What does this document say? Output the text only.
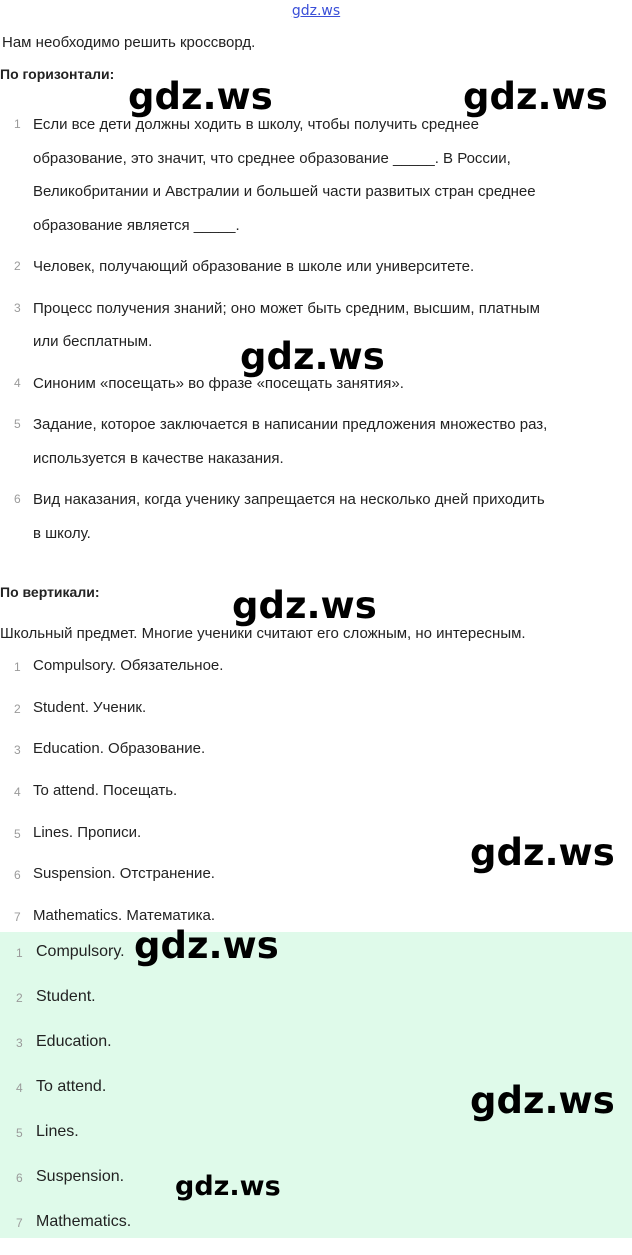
gdz.ws
Нам необходимо решить кроссворд.
По горизонтали:
1 Если все дети должны ходить в школу, чтобы получить среднее
образование, это значит, что среднее образование _____. В России,
Великобритании и Австралии и большей части развитых стран среднее
образование является _____.
2 Человек, получающий образование в школе или университете.
3 Процесс получения знаний; оно может быть средним, высшим, платным
или бесплатным.
4 Синоним «посещать» во фразе «посещать занятия».
5 Задание, которое заключается в написании предложения множество раз,
используется в качестве наказания.
6 Вид наказания, когда ученику запрещается на несколько дней приходить
в школу.
По вертикали:
Школьный предмет. Многие ученики считают его сложным, но интересным.
1 Compulsory. Обязательное.
2 Student. Ученик.
3 Education. Образование.
4 To attend. Посещать.
5 Lines. Прописи.
6 Suspension. Отстранение.
7 Mathematics. Математика.
1 Compulsory.
2 Student.
3 Education.
4 To attend.
5 Lines.
6 Suspension.
7 Mathematics.
gdz.ws	gdz.ws
gdz.ws
gdz.ws
gdz.ws
gdz.ws
gdz.ws
gdz.ws
